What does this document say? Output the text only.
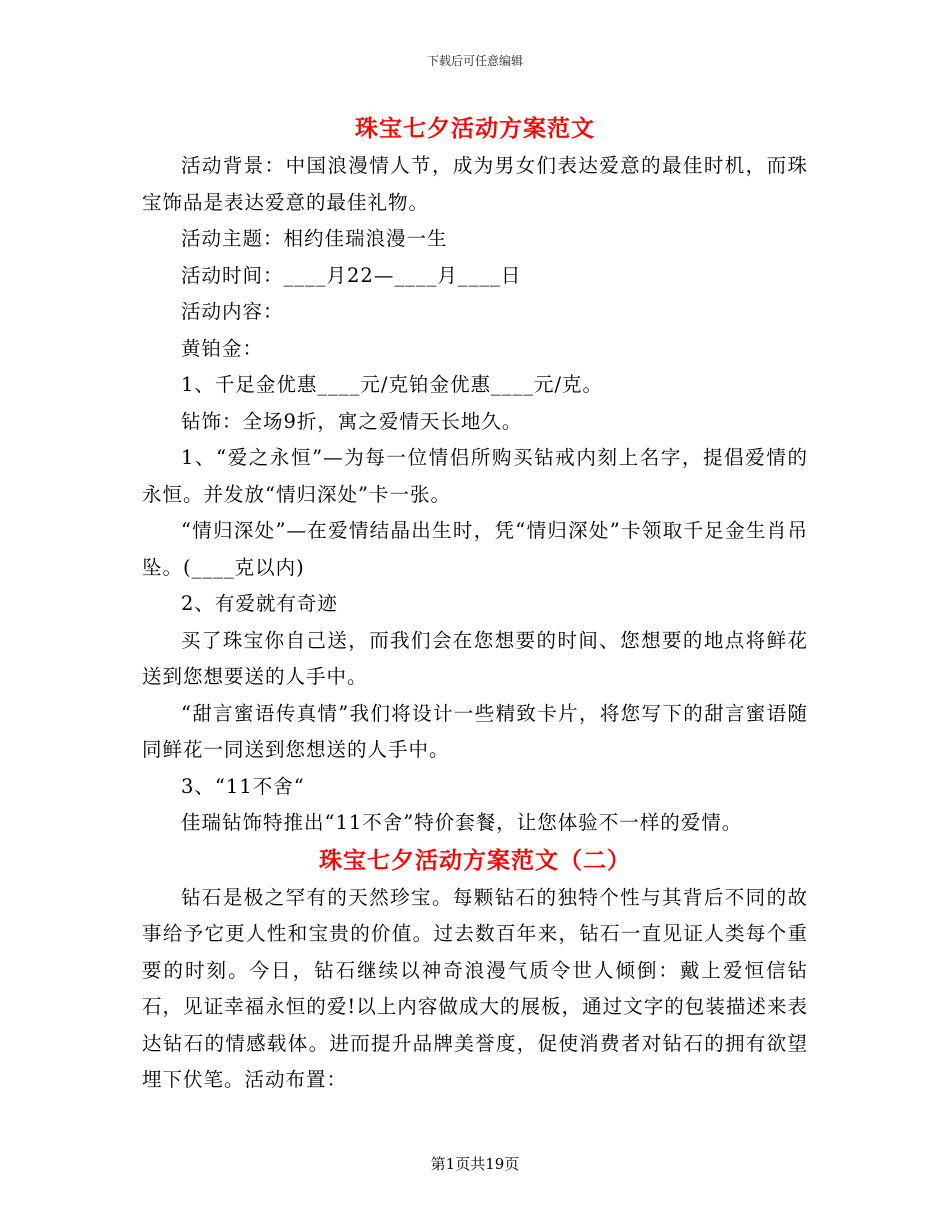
下载后可任意编辑
珠宝七夕活动方案范文

活动背景：中国浪漫情人节，成为男女们表达爱意的最佳时机，而珠宝饰品是表达爱意的最佳礼物。

活动主题：相约佳瑞浪漫一生

活动时间：____月22—____月____日

活动内容：

黄铂金：

1、千足金优惠____元/克铂金优惠____元/克。

钻饰：全场9折，寓之爱情天长地久。

1、“爱之永恒”—为每一位情侣所购买钻戒内刻上名字，提倡爱情的永恒。并发放“情归深处”卡一张。

“情归深处”—在爱情结晶出生时，凭“情归深处”卡领取千足金生肖吊坠。(____克以内)

2、有爱就有奇迹

买了珠宝你自己送，而我们会在您想要的时间、您想要的地点将鲜花送到您想要送的人手中。

“甜言蜜语传真情”我们将设计一些精致卡片，将您写下的甜言蜜语随同鲜花一同送到您想送的人手中。

3、“11不舍“

佳瑞钻饰特推出“11不舍”特价套餐，让您体验不一样的爱情。

珠宝七夕活动方案范文（二）

钻石是极之罕有的天然珍宝。每颗钻石的独特个性与其背后不同的故事给予它更人性和宝贵的价值。过去数百年来，钻石一直见证人类每个重要的时刻。今日，钻石继续以神奇浪漫气质令世人倾倒：戴上爱恒信钻石，见证幸福永恒的爱!以上内容做成大的展板，通过文字的包装描述来表达钻石的情感载体。进而提升品牌美誉度，促使消费者对钻石的拥有欲望埋下伏笔。活动布置：

第1页共19页
